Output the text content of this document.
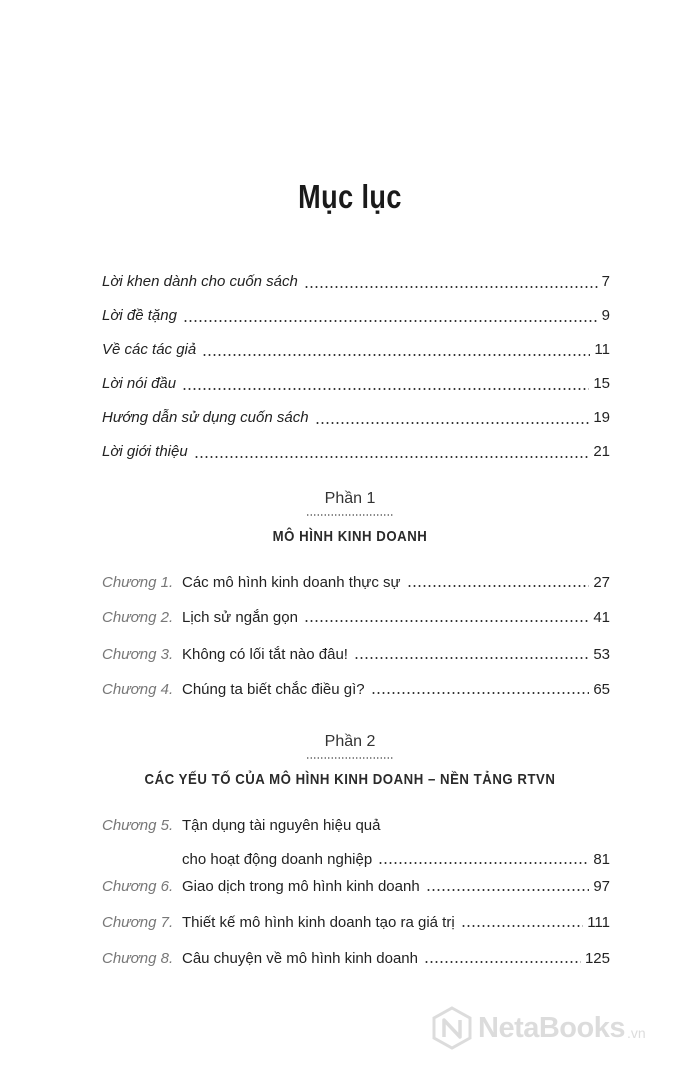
Mục lục
Lời khen dành cho cuốn sách	7
Lời đề tặng	9
Về các tác giả	11
Lời nói đầu	15
Hướng dẫn sử dụng cuốn sách	19
Lời giới thiệu	21
Phần 1
MÔ HÌNH KINH DOANH
Chương 1. Các mô hình kinh doanh thực sự	27
Chương 2. Lịch sử ngắn gọn	41
Chương 3. Không có lối tắt nào đâu!	53
Chương 4. Chúng ta biết chắc điều gì?	65
Phần 2
CÁC YẾU TỐ CỦA MÔ HÌNH KINH DOANH – NỀN TẢNG RTVN
Chương 5. Tận dụng tài nguyên hiệu quả
cho hoạt động doanh nghiệp	81
Chương 6. Giao dịch trong mô hình kinh doanh	97
Chương 7. Thiết kế mô hình kinh doanh tạo ra giá trị	111
Chương 8. Câu chuyện về mô hình kinh doanh	125
NetaBooks .vn
